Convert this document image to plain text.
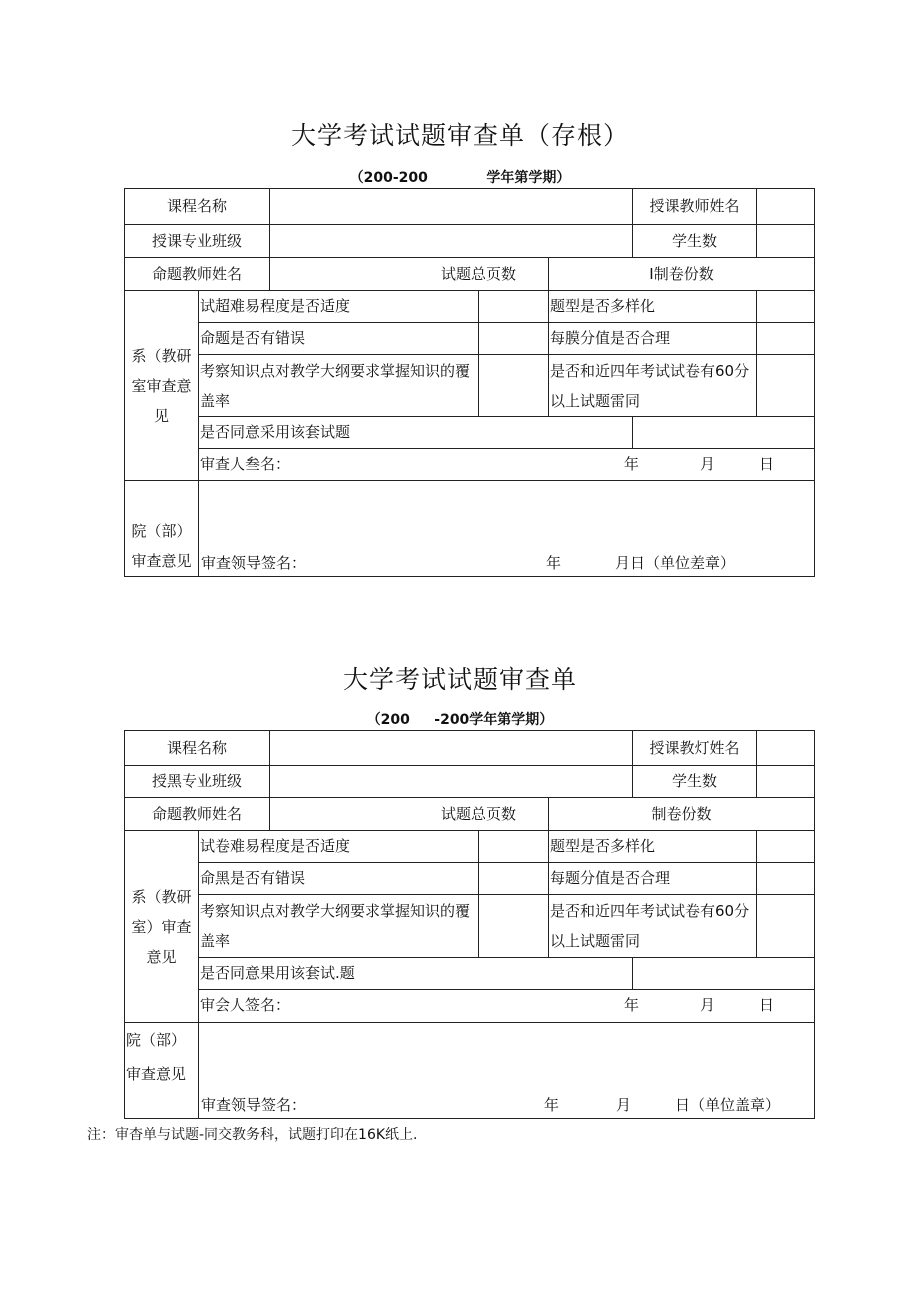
大学考试试题审查单（存根）
（200-200            学年第学期）
课程名称					授课教师姓名	
授课专业班级					学生数	
命题教师姓名		试题总页数		I制卷份数		
系（教研室审查意见	试超难易程度是否适度			题型是否多样化		
	命题是否有错误			每膜分值是否合理		
	考察知识点对教学大纲要求掌握知识的覆盖率			是否和近四年考试试卷有60分以上试题雷同		
	是否同意采用该套试题					

	审查人叁名： 年 月 日					

院（部）审查意见	审查领导签名： 年 月日（单位差章）					
大学考试试题审查单
（200     -200学年第学期）
课程名称					授课教灯姓名	
授黑专业班级					学生数	
命题教师姓名		试题总页数		制卷份数		
系（教研室）审查意见	试卷难易程度是否适度			题型是否多样化		
	命黑是否有错误			每题分值是否合理		
	考察知识点对教学大纲要求掌握知识的覆盖率			是否和近四年考试试卷有60分以上试题雷同		
	是否同意果用该套试.题					

	审会人签名： 年 月 日					

院（部）审查意见	审查领导签名： 年 月 日（单位盖章）					
注：审杳单与试题-同交教务科，试题打印在16K纸上.
